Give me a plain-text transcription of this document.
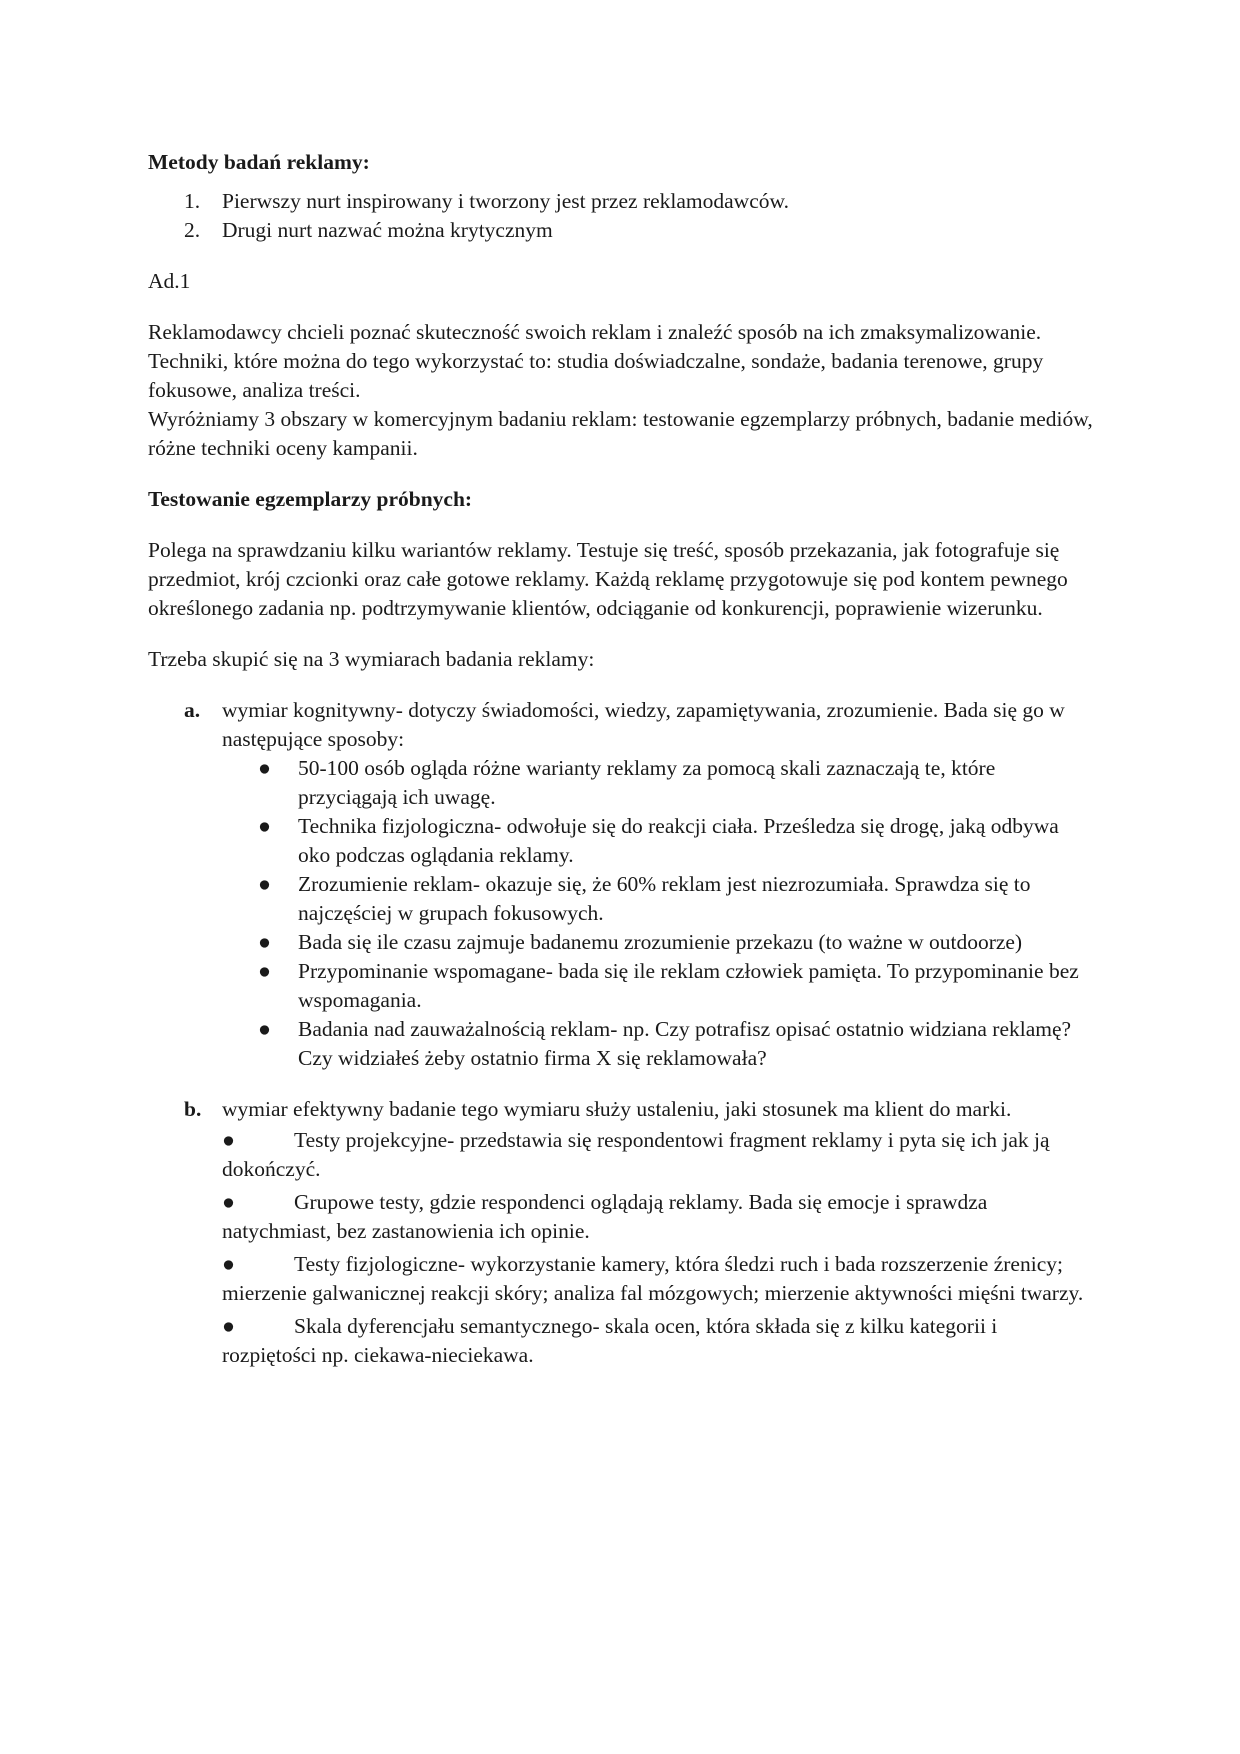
Metody badań reklamy:

1. Pierwszy nurt inspirowany i tworzony jest przez reklamodawców.
2. Drugi nurt nazwać można krytycznym

Ad.1

Reklamodawcy chcieli poznać skuteczność swoich reklam i znaleźć sposób na ich zmaksymalizowanie. Techniki, które można do tego wykorzystać to: studia doświadczalne, sondaże, badania terenowe, grupy fokusowe, analiza treści.

Wyróżniamy 3 obszary w komercyjnym badaniu reklam: testowanie egzemplarzy próbnych, badanie mediów, różne techniki oceny kampanii.

Testowanie egzemplarzy próbnych:

Polega na sprawdzaniu kilku wariantów reklamy. Testuje się treść, sposób przekazania, jak fotografuje się przedmiot, krój czcionki oraz całe gotowe reklamy. Każdą reklamę przygotowuje się pod kontem pewnego określonego zadania np. podtrzymywanie klientów, odciąganie od konkurencji, poprawienie wizerunku.

Trzeba skupić się na 3 wymiarach badania reklamy:

a. wymiar kognitywny- dotyczy świadomości, wiedzy, zapamiętywania, zrozumienie. Bada się go w następujące sposoby:

● 50-100 osób ogląda różne warianty reklamy za pomocą skali zaznaczają te, które przyciągają ich uwagę.
● Technika fizjologiczna- odwołuje się do reakcji ciała. Prześledza się drogę, jaką odbywa oko podczas oglądania reklamy.
● Zrozumienie reklam- okazuje się, że 60% reklam jest niezrozumiała. Sprawdza się to najczęściej w grupach fokusowych.
● Bada się ile czasu zajmuje badanemu zrozumienie przekazu (to ważne w outdoorze)
● Przypominanie wspomagane- bada się ile reklam człowiek pamięta. To przypominanie bez wspomagania.
● Badania nad zauważalnością reklam- np. Czy potrafisz opisać ostatnio widziana reklamę? Czy widziałeś żeby ostatnio firma X się reklamowała?
b. wymiar efektywny badanie tego wymiaru służy ustaleniu, jaki stosunek ma klient do marki.

●	Testy projekcyjne- przedstawia się respondentowi fragment reklamy i pyta się ich jak ją dokończyć.

●	Grupowe testy, gdzie respondenci oglądają reklamy. Bada się emocje i sprawdza natychmiast, bez zastanowienia ich opinie.

●	Testy fizjologiczne- wykorzystanie kamery, która śledzi ruch i bada rozszerzenie źrenicy; mierzenie galwanicznej reakcji skóry; analiza fal mózgowych; mierzenie aktywności mięśni twarzy.

●	Skala dyferencjału semantycznego- skala ocen, która składa się z kilku kategorii i rozpiętości np. ciekawa-nieciekawa.
